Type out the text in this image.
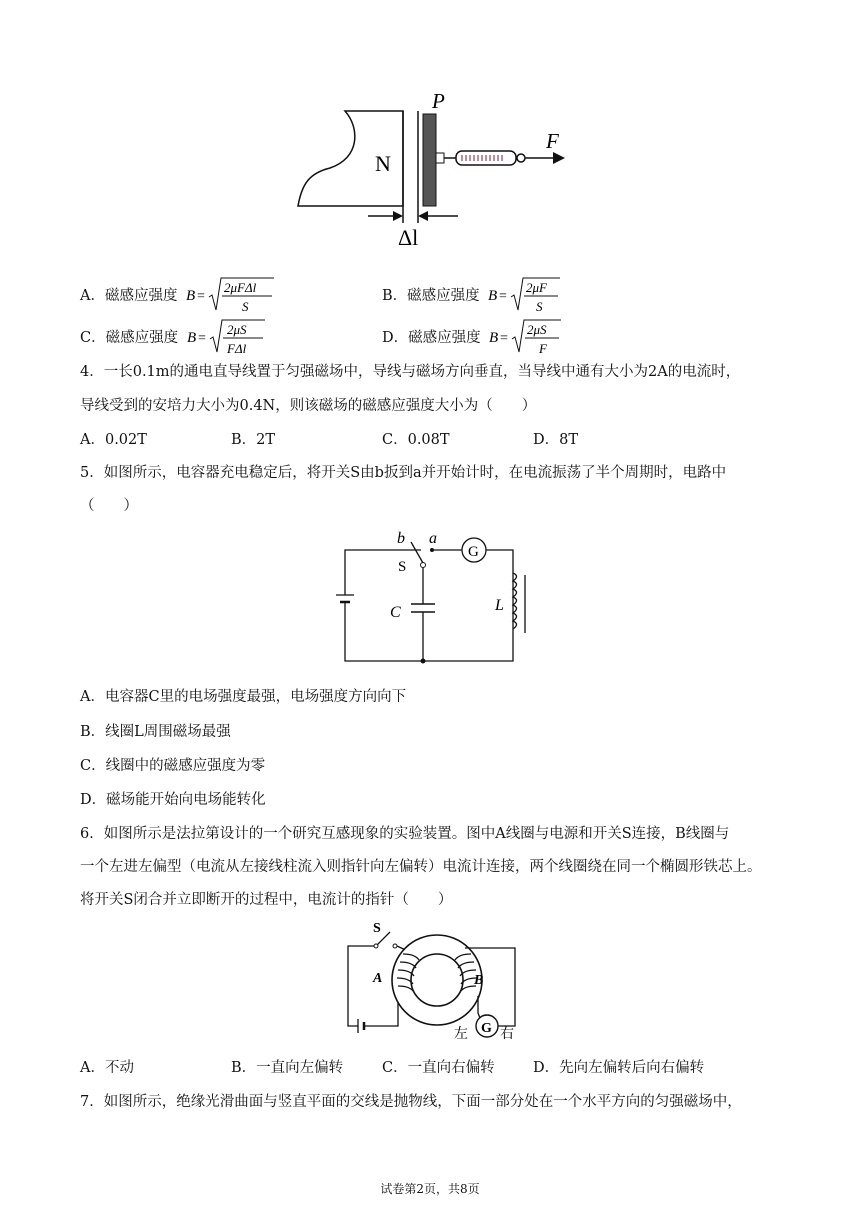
N
P
F
Δl
A．磁感应强度 B =
2μFΔl
S
B．磁感应强度 B =
2μF
S
C．磁感应强度 B =
2μS
FΔl
D．磁感应强度 B =
2μS
F
4．一长0.1m的通电直导线置于匀强磁场中，导线与磁场方向垂直，当导线中通有大小为2A的电流时，
导线受到的安培力大小为0.4N，则该磁场的磁感应强度大小为（　　）
A．0.02T	B．2T	C．0.08T	D．8T
5．如图所示，电容器充电稳定后，将开关S由b扳到a并开始计时，在电流振荡了半个周期时，电路中
（　　）
G
b a
S
C	L
A．电容器C里的电场强度最强，电场强度方向向下
B．线圈L周围磁场最强
C．线圈中的磁感应强度为零
D．磁场能开始向电场能转化
6．如图所示是法拉第设计的一个研究互感现象的实验装置。图中A线圈与电源和开关S连接，B线圈与
一个左进左偏型（电流从左接线柱流入则指针向左偏转）电流计连接，两个线圈绕在同一个椭圆形铁芯上。
将开关S闭合并立即断开的过程中，电流计的指针（　　）
G
S
A	B
左 右
A．不动	B．一直向左偏转	C．一直向右偏转	D．先向左偏转后向右偏转
7．如图所示，绝缘光滑曲面与竖直平面的交线是抛物线，下面一部分处在一个水平方向的匀强磁场中，
试卷第2页，共8页
